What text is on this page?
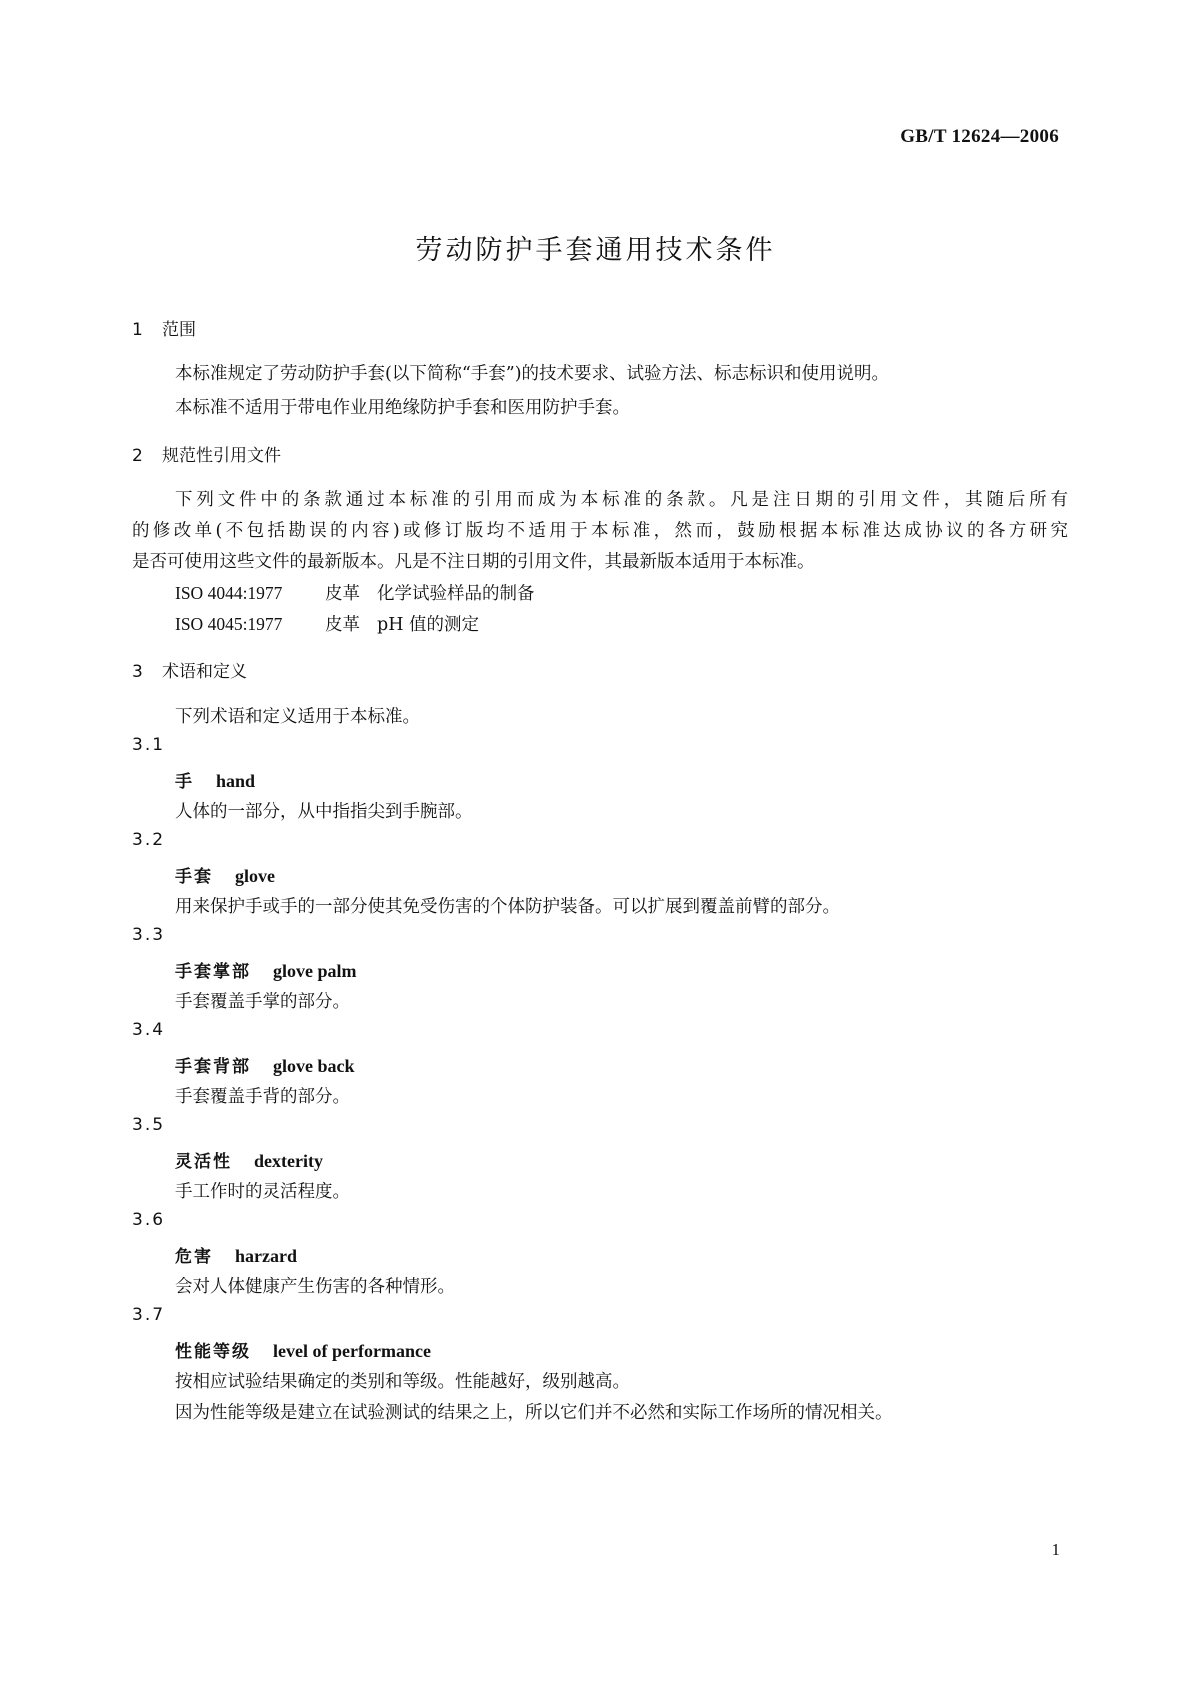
GB/T 12624—2006
劳动防护手套通用技术条件
1 范围
本标准规定了劳动防护手套(以下简称“手套”)的技术要求、试验方法、标志标识和使用说明。
本标准不适用于带电作业用绝缘防护手套和医用防护手套。
2 规范性引用文件
下列文件中的条款通过本标准的引用而成为本标准的条款。凡是注日期的引用文件，其随后所有
的修改单(不包括勘误的内容)或修订版均不适用于本标准，然而，鼓励根据本标准达成协议的各方研究
是否可使用这些文件的最新版本。凡是不注日期的引用文件，其最新版本适用于本标准。
ISO 4044:1977 皮革 化学试验样品的制备
ISO 4045:1977 皮革 pH 值的测定
3 术语和定义
下列术语和定义适用于本标准。
3.1
手 hand
人体的一部分，从中指指尖到手腕部。
3.2
手套 glove
用来保护手或手的一部分使其免受伤害的个体防护装备。可以扩展到覆盖前臂的部分。
3.3
手套掌部 glove palm
手套覆盖手掌的部分。
3.4
手套背部 glove back
手套覆盖手背的部分。
3.5
灵活性 dexterity
手工作时的灵活程度。
3.6
危害 harzard
会对人体健康产生伤害的各种情形。
3.7
性能等级 level of performance
按相应试验结果确定的类别和等级。性能越好，级别越高。
因为性能等级是建立在试验测试的结果之上，所以它们并不必然和实际工作场所的情况相关。
1
